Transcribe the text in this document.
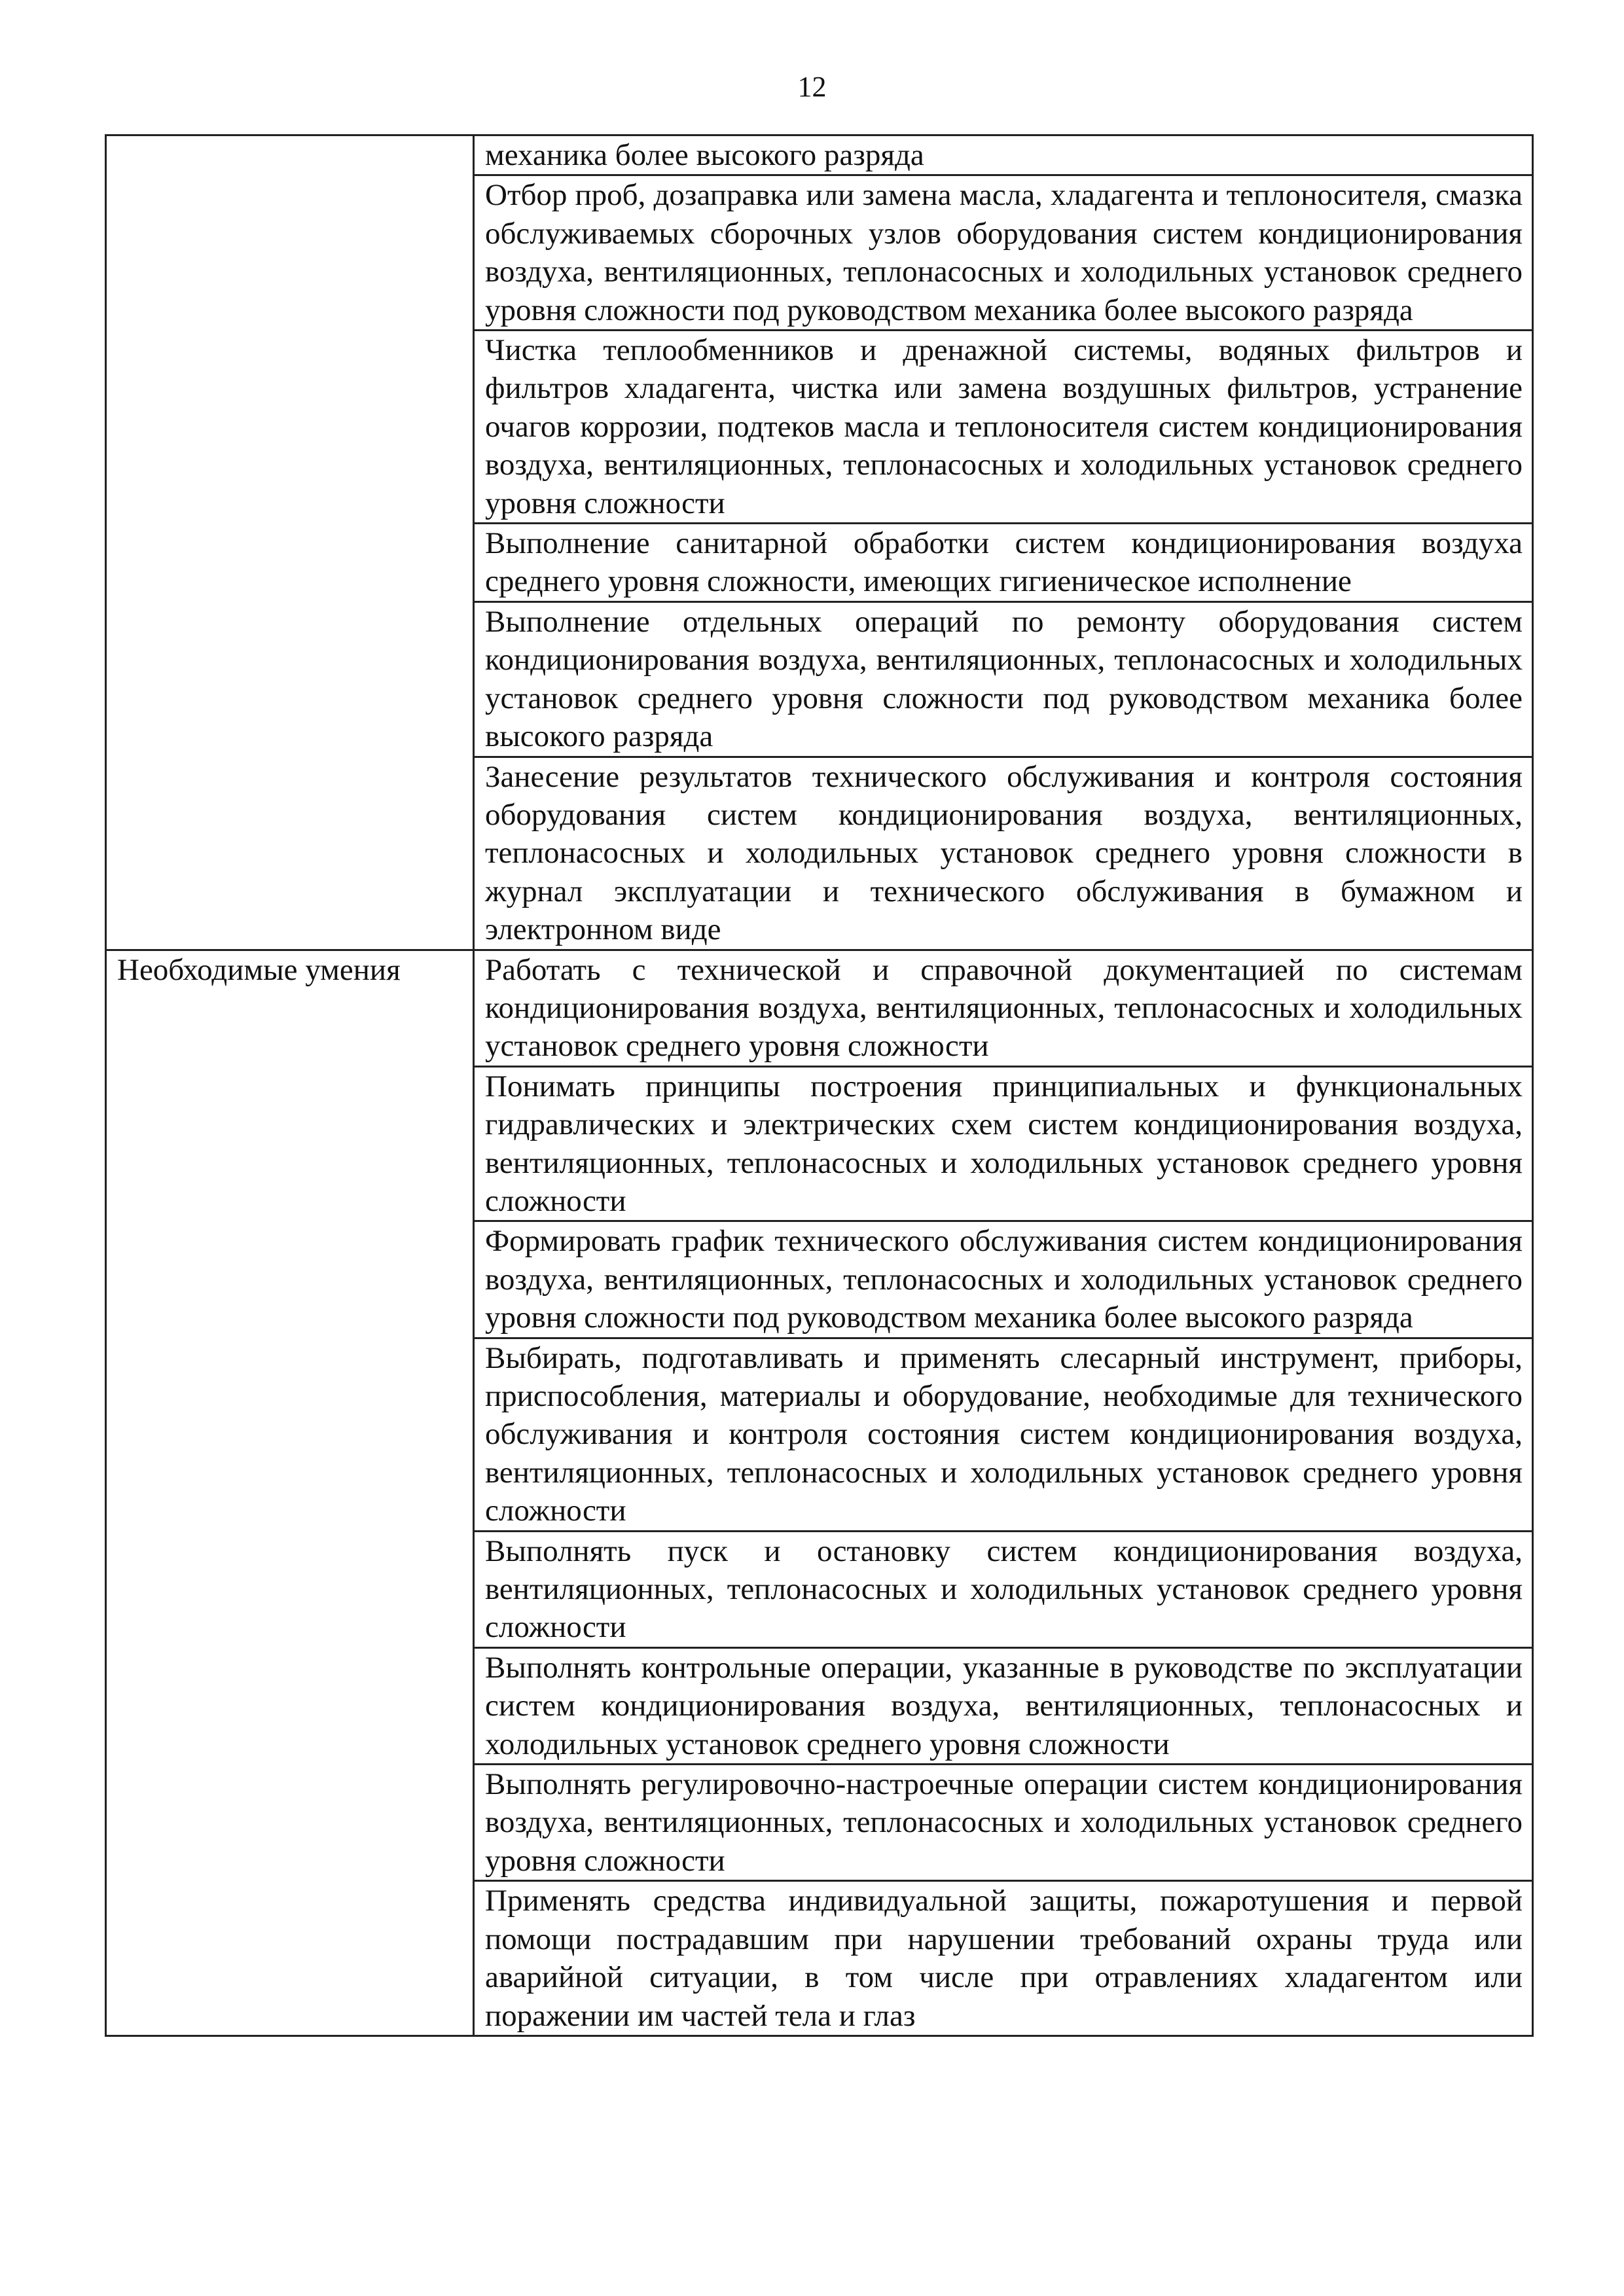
12
	механика более высокого разряда
	Отбор проб, дозаправка или замена масла, хладагента и теплоносителя, смазка обслуживаемых сборочных узлов оборудования систем кондиционирования воздуха, вентиляционных, теплонасосных и холодильных установок среднего уровня сложности под руководством механика более высокого разряда
	Чистка теплообменников и дренажной системы, водяных фильтров и фильтров хладагента, чистка или замена воздушных фильтров, устранение очагов коррозии, подтеков масла и теплоносителя систем кондиционирования воздуха, вентиляционных, теплонасосных и холодильных установок среднего уровня сложности
	Выполнение санитарной обработки систем кондиционирования воздуха среднего уровня сложности, имеющих гигиеническое исполнение
	Выполнение отдельных операций по ремонту оборудования систем кондиционирования воздуха, вентиляционных, теплонасосных и холодильных установок среднего уровня сложности под руководством механика более высокого разряда
	Занесение результатов технического обслуживания и контроля состояния оборудования систем кондиционирования воздуха, вентиляционных, теплонасосных и холодильных установок среднего уровня сложности в журнал эксплуатации и технического обслуживания в бумажном и электронном виде
Необходимые умения	Работать с технической и справочной документацией по системам кондиционирования воздуха, вентиляционных, теплонасосных и холодильных установок среднего уровня сложности
	Понимать принципы построения принципиальных и функциональных гидравлических и электрических схем систем кондиционирования воздуха, вентиляционных, теплонасосных и холодильных установок среднего уровня сложности
	Формировать график технического обслуживания систем кондиционирования воздуха, вентиляционных, теплонасосных и холодильных установок среднего уровня сложности под руководством механика более высокого разряда
	Выбирать, подготавливать и применять слесарный инструмент, приборы, приспособления, материалы и оборудование, необходимые для технического обслуживания и контроля состояния систем кондиционирования воздуха, вентиляционных, теплонасосных и холодильных установок среднего уровня сложности
	Выполнять пуск и остановку систем кондиционирования воздуха, вентиляционных, теплонасосных и холодильных установок среднего уровня сложности
	Выполнять контрольные операции, указанные в руководстве по эксплуатации систем кондиционирования воздуха, вентиляционных, теплонасосных и холодильных установок среднего уровня сложности
	Выполнять регулировочно-настроечные операции систем кондиционирования воздуха, вентиляционных, теплонасосных и холодильных установок среднего уровня сложности
	Применять средства индивидуальной защиты, пожаротушения и первой помощи пострадавшим при нарушении требований охраны труда или аварийной ситуации, в том числе при отравлениях хладагентом или поражении им частей тела и глаз
